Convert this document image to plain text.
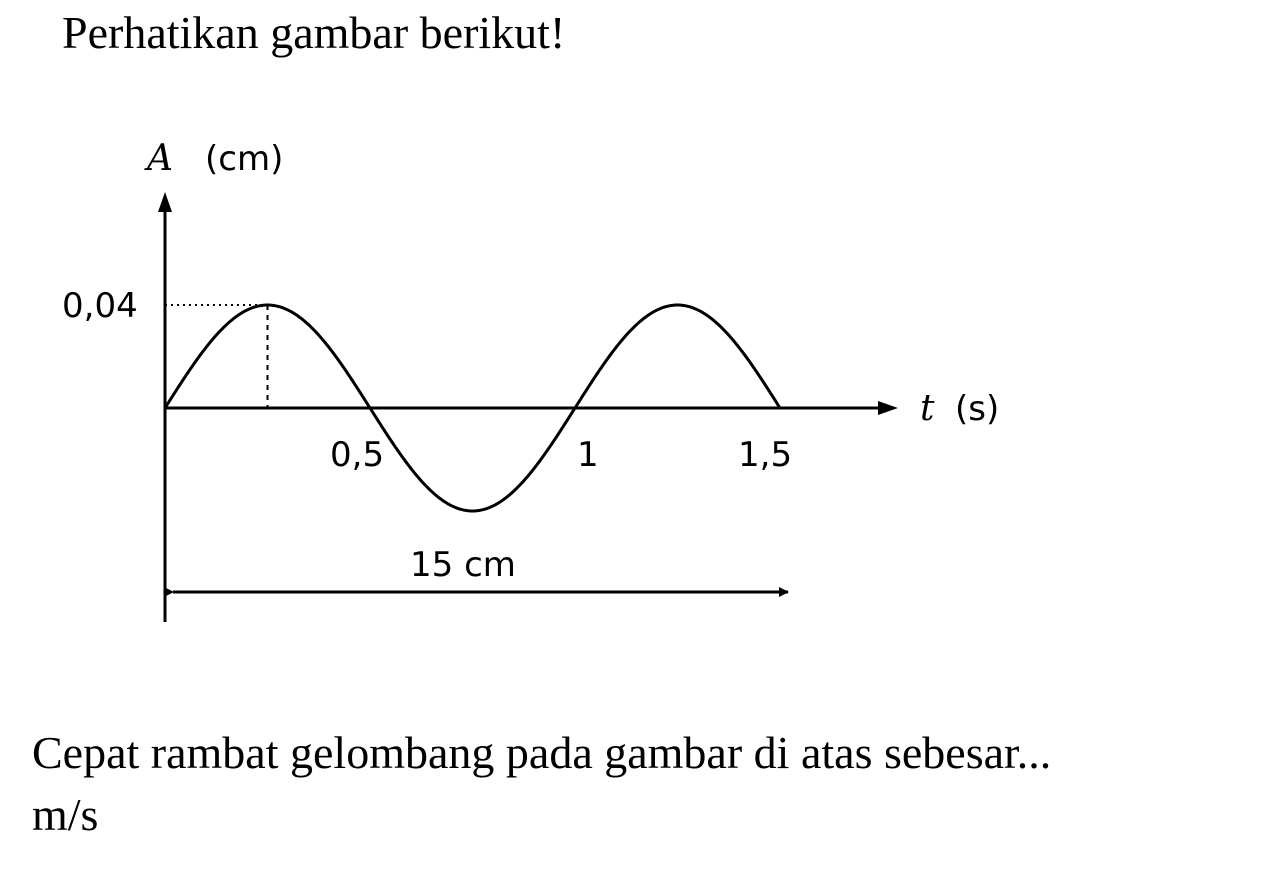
Perhatikan gambar berikut!
A (cm)
t (s)
0,04
0,5	1	1,5
15 cm
Cepat rambat gelombang pada gambar di atas sebesar...
m/s
